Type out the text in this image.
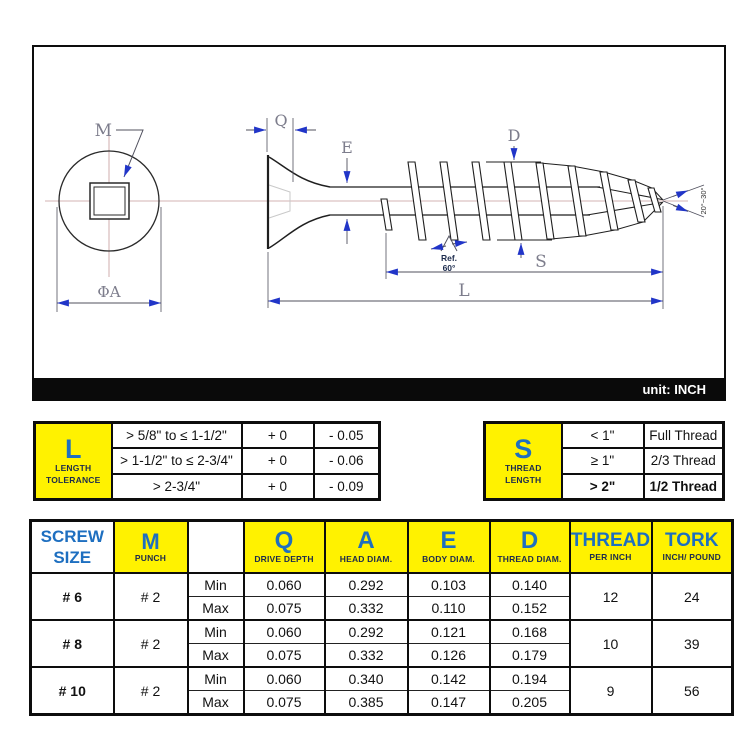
unit: INCH
M
ΦA
Q
E
D
Ref.
60°
20°~30°
S
L
L
LENGTH
TOLERANCE	> 5/8" to ≤ 1-1/2"	+ 0	- 0.05
	> 1-1/2" to ≤ 2-3/4"	+ 0	- 0.06
	> 2-3/4"	+ 0	- 0.09
S
THREAD
LENGTH	< 1"	Full Thread
	≥ 1"	2/3 Thread
	> 2"	1/2 Thread
SCREW
SIZE

M
PUNCH

Q
DRIVE DEPTH

A
HEAD DIAM.

E
BODY DIAM.

D
THREAD DIAM.

THREAD
PER INCH

TORK
INCH/ POUND

# 6	# 2	Min	0.060	0.292	0.103	0.140	12	24
		Max	0.075	0.332	0.110	0.152		
# 8	# 2	Min	0.060	0.292	0.121	0.168	10	39
		Max	0.075	0.332	0.126	0.179		
# 10	# 2	Min	0.060	0.340	0.142	0.194	9	56
		Max	0.075	0.385	0.147	0.205		
